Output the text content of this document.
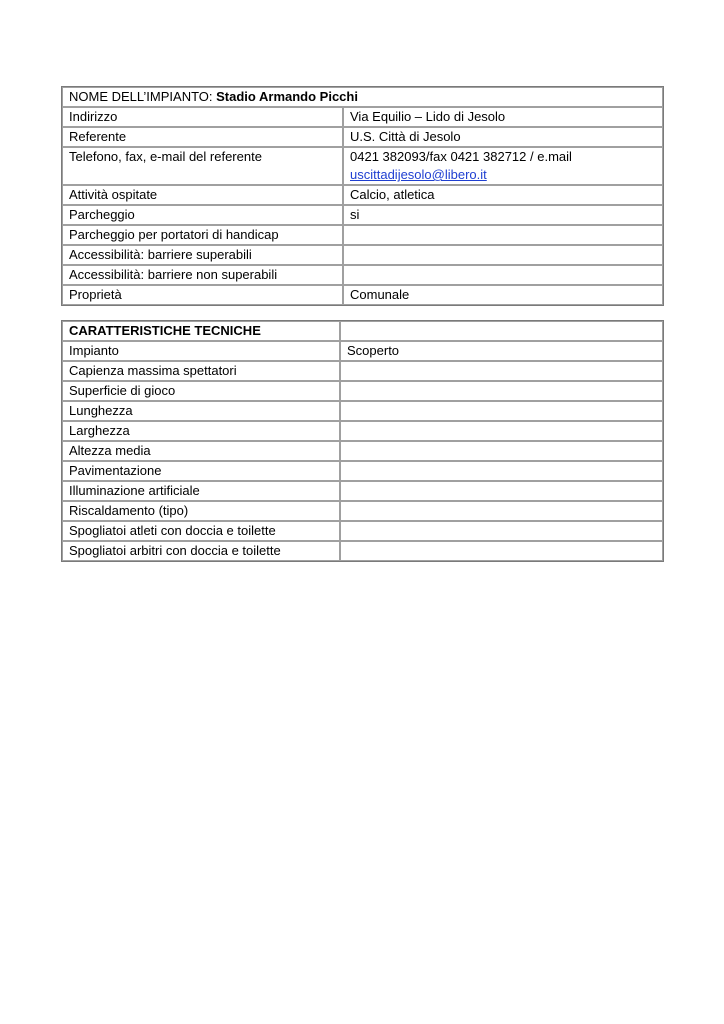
NOME DELL’IMPIANTO: Stadio Armando Picchi	
Indirizzo	Via Equilio – Lido di Jesolo
Referente	U.S. Città di Jesolo
Telefono, fax, e-mail del referente	0421 382093/fax 0421 382712 / e.mail
uscittadijesolo@libero.it
Attività ospitate	Calcio, atletica
Parcheggio	si
Parcheggio per portatori di handicap	
Accessibilità: barriere superabili	
Accessibilità: barriere non superabili	
Proprietà	Comunale
CARATTERISTICHE TECNICHE	
Impianto	Scoperto
Capienza massima spettatori	
Superficie di gioco	
Lunghezza	
Larghezza	
Altezza media	
Pavimentazione	
Illuminazione artificiale	
Riscaldamento (tipo)	
Spogliatoi atleti con doccia e toilette	
Spogliatoi arbitri con doccia e toilette	
